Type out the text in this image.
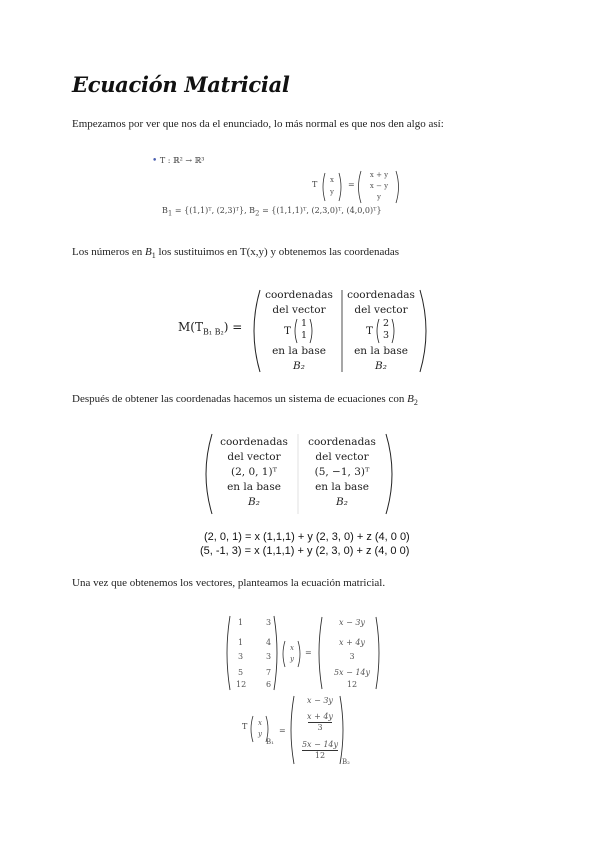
Ecuación Matricial
Empezamos por ver que nos da el enunciado, lo más normal es que nos den algo así:
• T : ℝ² → ℝ³
T	x
y
=
x + y
x − y
y
$B_1$ = {(1,1)ᵀ, (2,3)ᵀ}, $B_2$ = {(1,1,1)ᵀ, (2,3,0)ᵀ, (4,0,0)ᵀ}
Los números en $B_1$ los sustituimos en T(x,y) y obtenemos las coordenadas
$M(T_{B_1 B_2})$ =
coordenadas
del vector
T
1
1
en la base
B₂
coordenadas
del vector
T
2
3
en la base
B₂
Después de obtener las coordenadas hacemos un sistema de ecuaciones con $B_2$
coordenadas
del vector
(2, 0, 1)ᵀ
en la base
B₂
coordenadas
del vector
(5, −1, 3)ᵀ
en la base
B₂
(2, 0, 1) = x (1,1,1) + y (2, 3, 0) + z (4, 0 0)
(5, -1, 3) = x (1,1,1) + y (2, 3, 0) + z (4, 0 0)
Una vez que obtenemos los vectores, planteamos la ecuación matricial.
1	3
1	4
3	3
5	7
12 6
x
y
=
x − 3y
x + 4y
3
5x − 14y
12
T	x
y
B₁
=
x − 3y
x + 4y
3
5x − 14y
12
B₂
